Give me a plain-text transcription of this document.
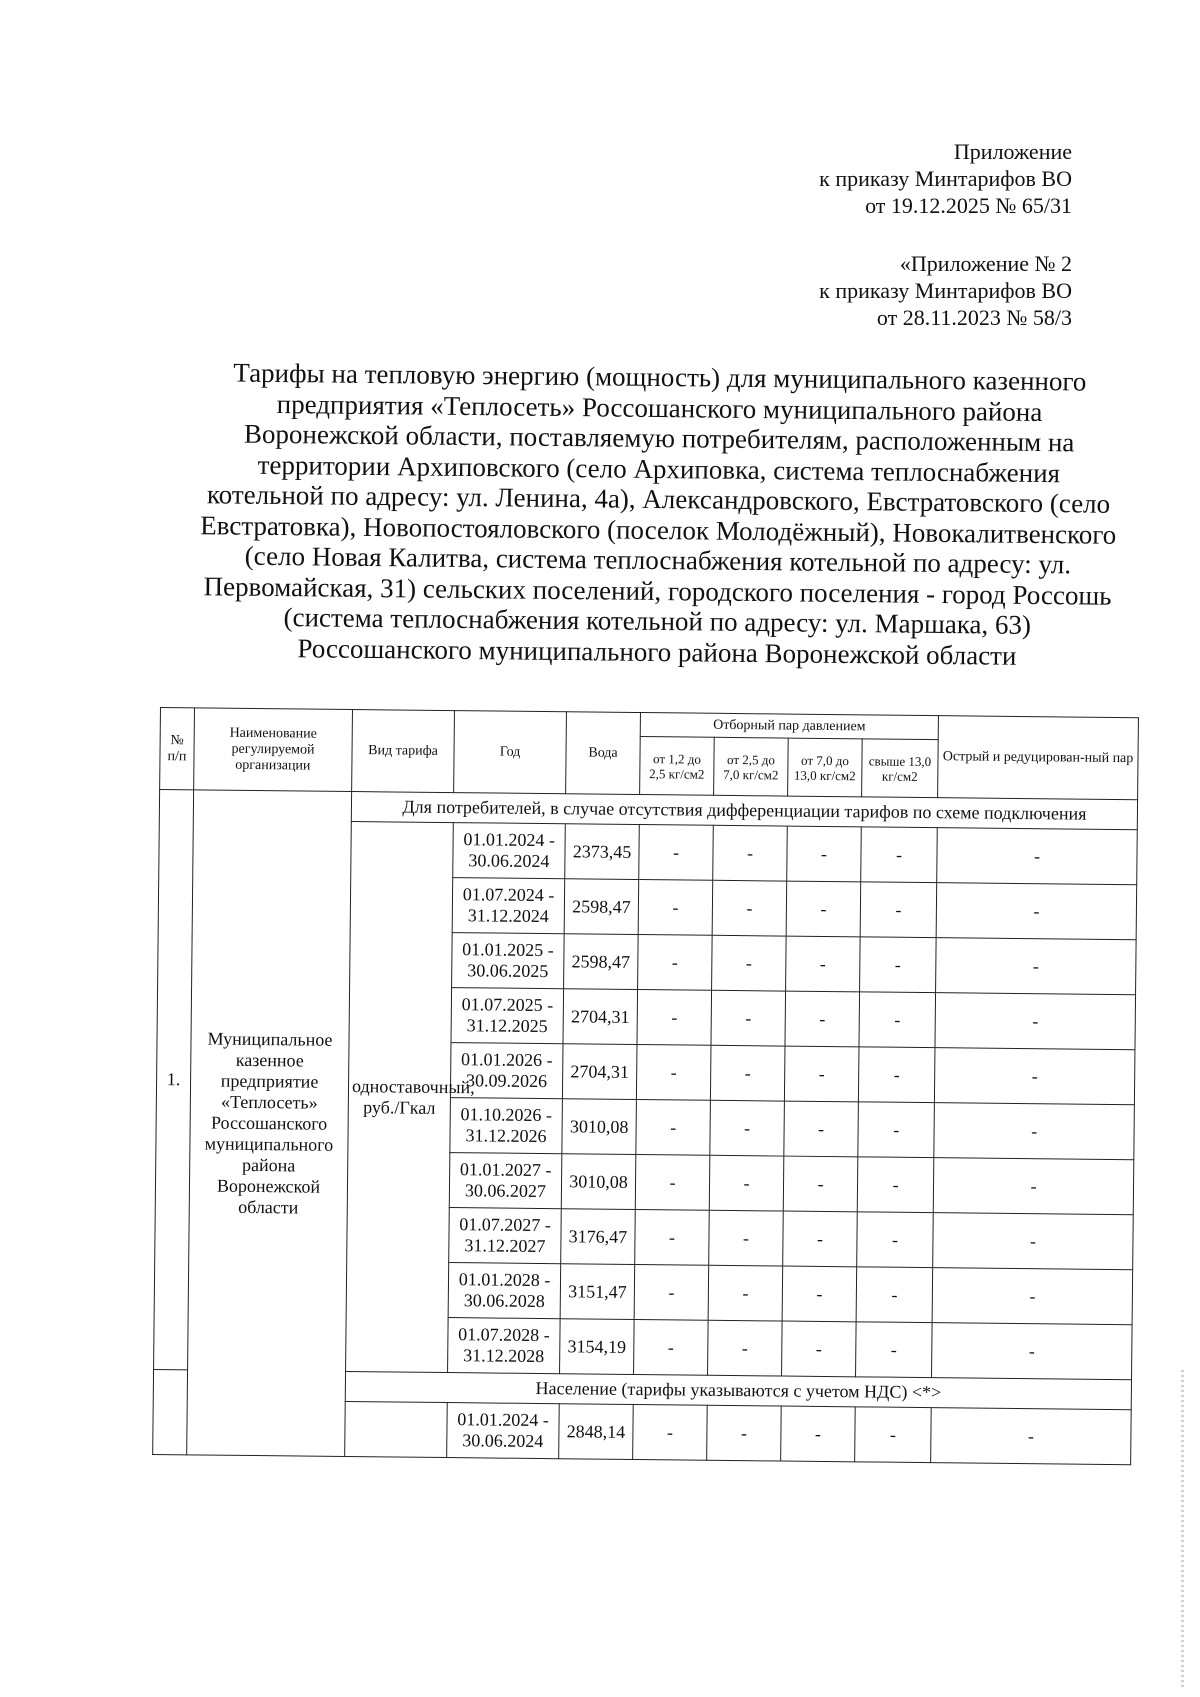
Приложение
к приказу Минтарифов ВО
от 19.12.2025 № 65/31
«Приложение № 2
к приказу Минтарифов ВО
от 28.11.2023 № 58/3
Тарифы на тепловую энергию (мощность) для муниципального казенного
предприятия «Теплосеть» Россошанского муниципального района
Воронежской области, поставляемую потребителям, расположенным на
территории Архиповского (село Архиповка, система теплоснабжения
котельной по адресу: ул. Ленина, 4а), Александровского, Евстратовского (село
Евстратовка), Новопостояловского (поселок Молодёжный), Новокалитвенского
(село Новая Калитва, система теплоснабжения котельной по адресу: ул.
Первомайская, 31) сельских поселений, городского поселения - город Россошь
(система теплоснабжения котельной по адресу: ул. Маршака, 63)
Россошанского муниципального района Воронежской области
№ п/п	Наименование регулируемой организации	Вид тарифа	Год	Вода	Отборный пар давлением				Острый и редуцирован-ный пар
					от 1,2 до 2,5 кг/см2	от 2,5 до 7,0 кг/см2	от 7,0 до 13,0 кг/см2	свыше 13,0 кг/см2	
1.	Муниципальное казенное предприятие «Теплосеть» Россошанского муниципального района Воронежской области	Для потребителей, в случае отсутствия дифференциации тарифов по схеме подключения							
		одноставочный, руб./Гкал	01.01.2024 - 30.06.2024	2373,45	-	-	-	-	-
			01.07.2024 - 31.12.2024	2598,47	-	-	-	-	-
			01.01.2025 - 30.06.2025	2598,47	-	-	-	-	-
			01.07.2025 - 31.12.2025	2704,31	-	-	-	-	-
			01.01.2026 - 30.09.2026	2704,31	-	-	-	-	-
			01.10.2026 - 31.12.2026	3010,08	-	-	-	-	-
			01.01.2027 - 30.06.2027	3010,08	-	-	-	-	-
			01.07.2027 - 31.12.2027	3176,47	-	-	-	-	-
			01.01.2028 - 30.06.2028	3151,47	-	-	-	-	-
			01.07.2028 - 31.12.2028	3154,19	-	-	-	-	-
		Население (тарифы указываются с учетом НДС) <*>							
			01.01.2024 - 30.06.2024	2848,14	-	-	-	-	-
